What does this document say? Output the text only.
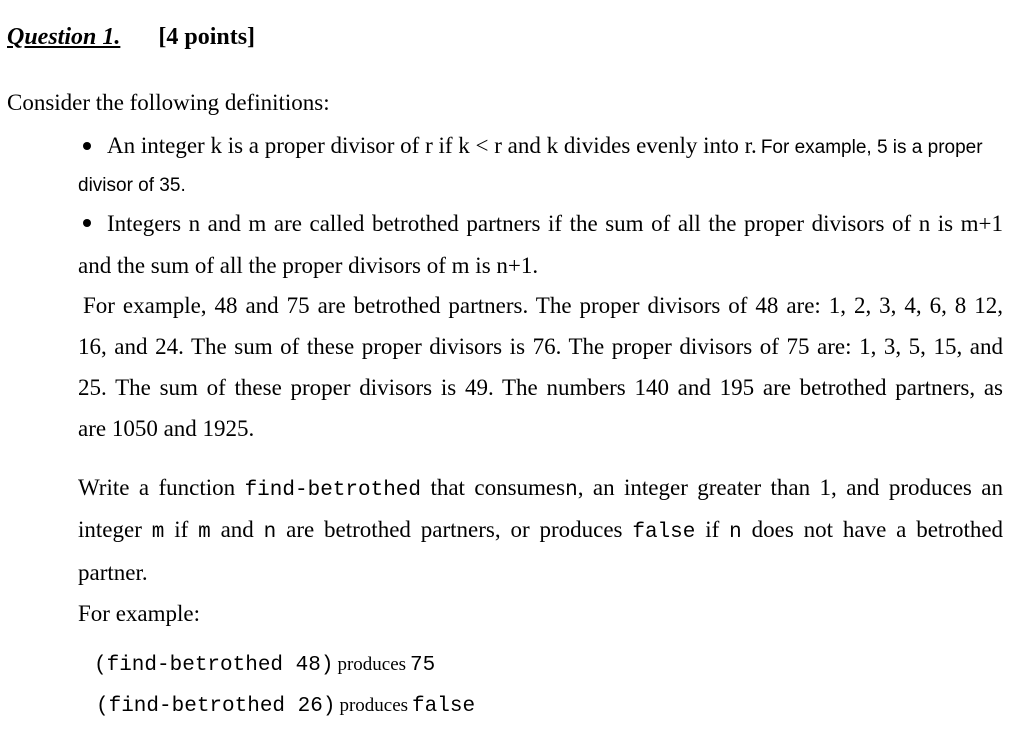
Question 1. [4 points]
Consider the following definitions:
An integer k is a proper divisor of r if k < r and k divides evenly into r. For example, 5 is a proper
divisor of 35.
Integers n and m are called betrothed partners if the sum of all the proper divisors of n is m+1
and the sum of all the proper divisors of m is n+1.
For example, 48 and 75 are betrothed partners. The proper divisors of 48 are: 1, 2, 3, 4, 6, 8 12,
16, and 24. The sum of these proper divisors is 76. The proper divisors of 75 are: 1, 3, 5, 15, and
25. The sum of these proper divisors is 49. The numbers 140 and 195 are betrothed partners, as
are 1050 and 1925.
Write a function find-betrothed that consumesn, an integer greater than 1, and produces an
integer m if m and n are betrothed partners, or produces false if n does not have a betrothed
partner.
For example:
(find-betrothed 48) produces 75
(find-betrothed 26) produces false
